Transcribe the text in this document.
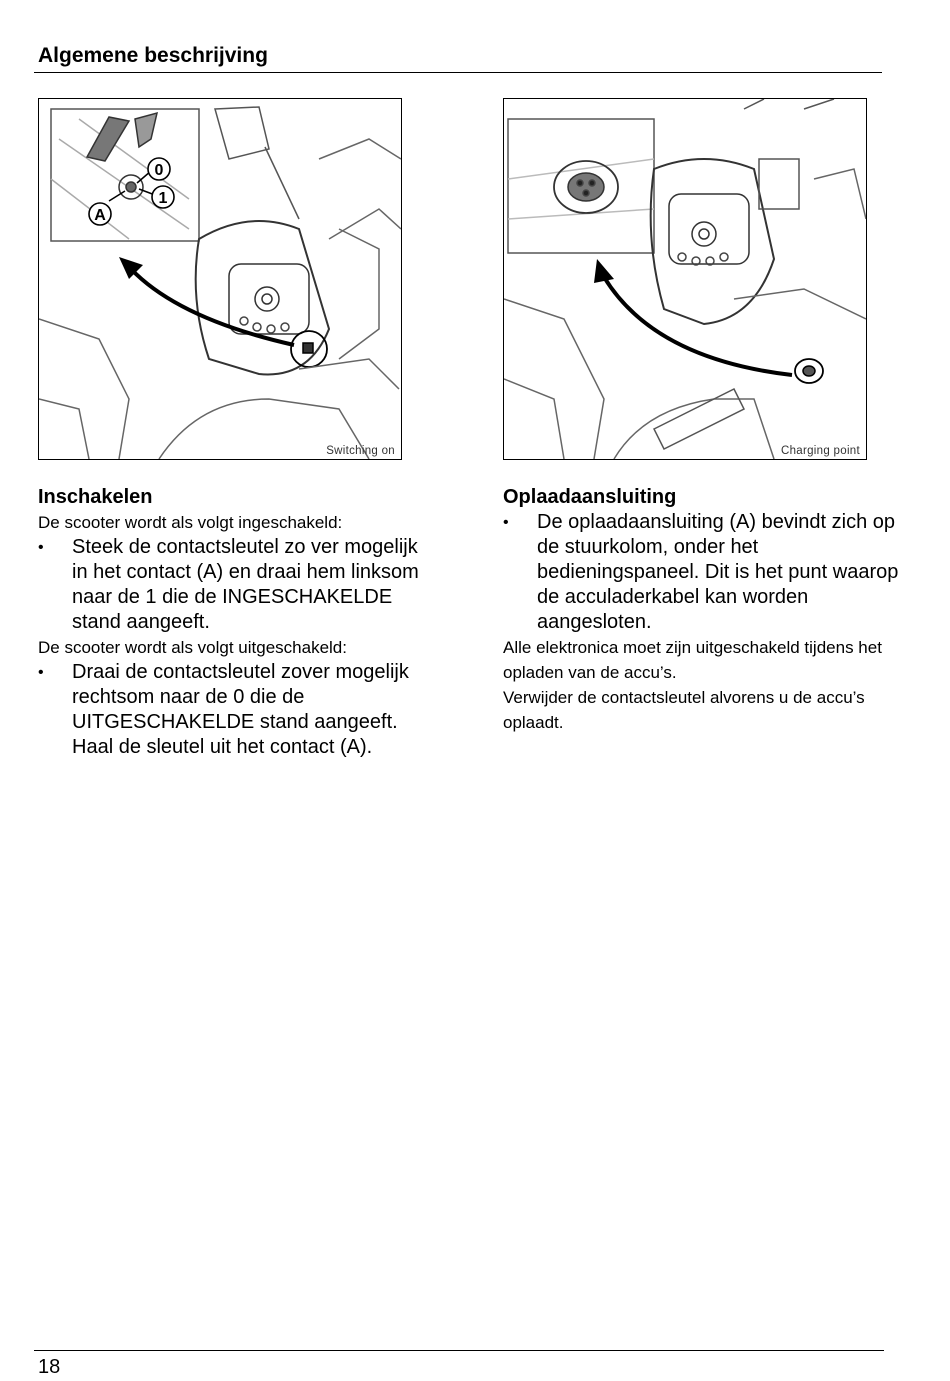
Algemene beschrijving
0
1
A
Switching on	Charging point

Inschakelen

De scooter wordt als volgt ingeschakeld:

• Steek de contactsleutel zo ver mogelijk in het contact (A) en draai hem linksom naar de 1 die de INGESCHAKELDE stand aangeeft.

De scooter wordt als volgt uitgeschakeld:

• Draai de contactsleutel zover mogelijk rechtsom naar de 0 die de UITGESCHAKELDE stand aangeeft. Haal de sleutel uit het contact (A).

Oplaadaansluiting

• De oplaadaansluiting (A) bevindt zich op de stuurkolom, onder het bedieningspaneel. Dit is het punt waarop de acculaderkabel kan worden aangesloten.

Alle elektronica moet zijn uitgeschakeld tijdens het opladen van de accu’s.

Verwijder de contactsleutel alvorens u de accu’s oplaadt.

18
